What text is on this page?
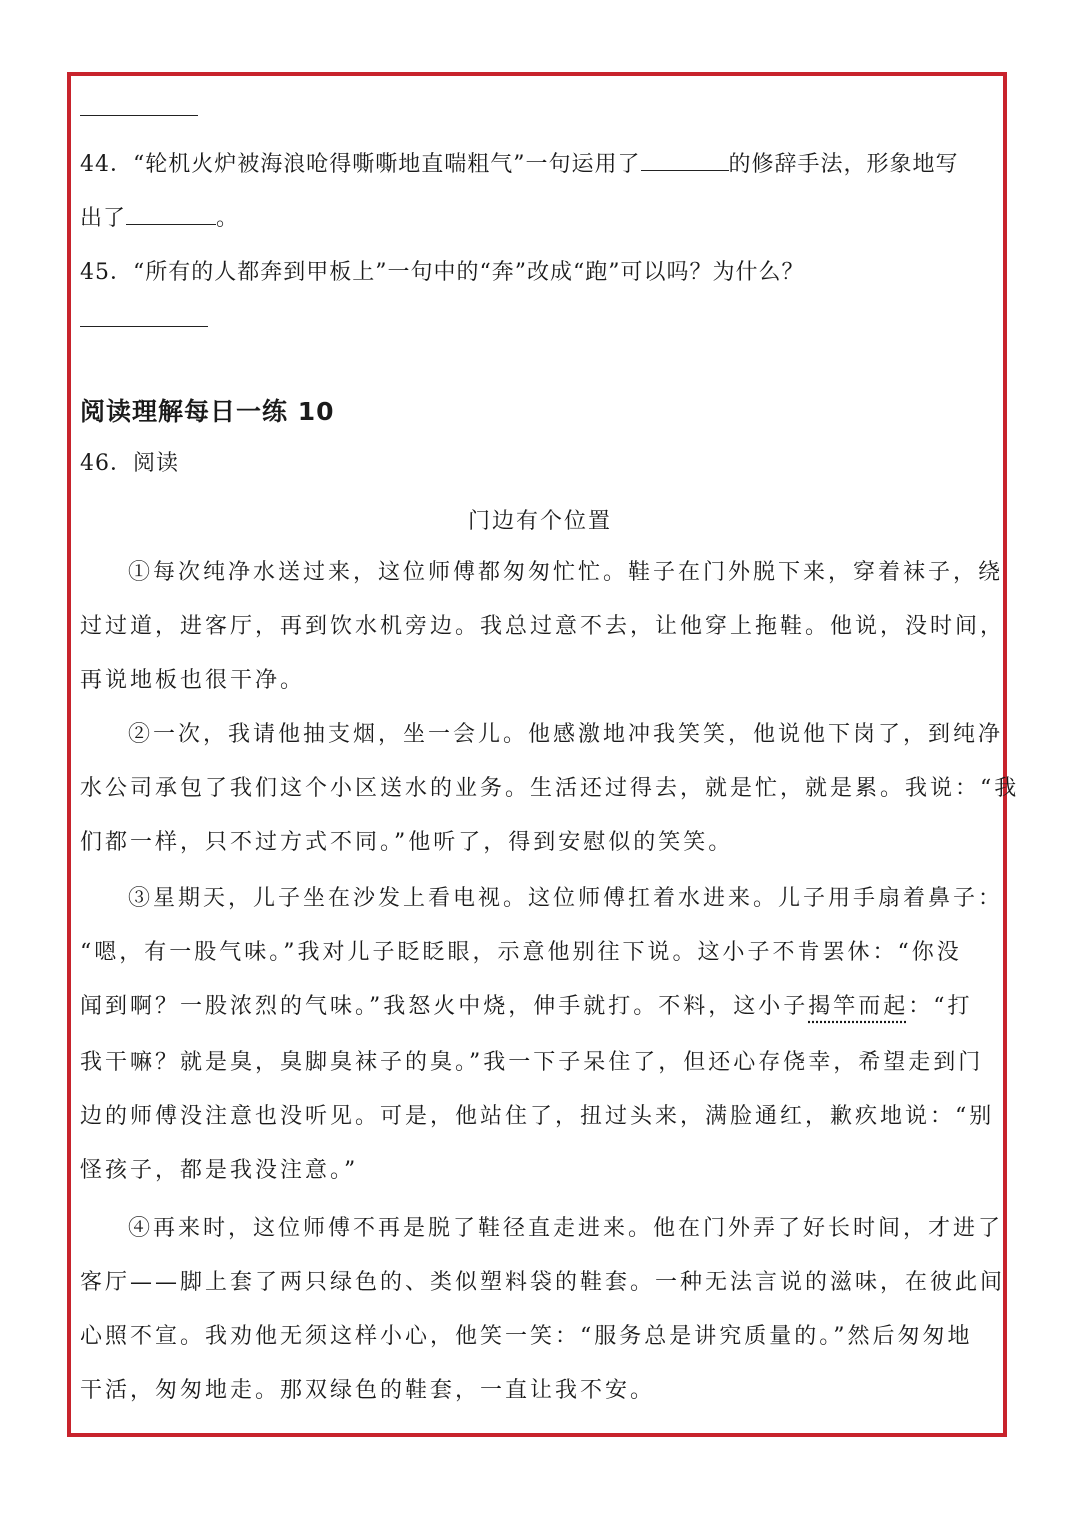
44．“轮机火炉被海浪呛得嘶嘶地直喘粗气”一句运用了	的修辞手法，形象地写
出了	。
45．“所有的人都奔到甲板上”一句中的“奔”改成“跑”可以吗？为什么？
阅读理解每日一练 10
46．阅读
门边有个位置
①每次纯净水送过来，这位师傅都匆匆忙忙。鞋子在门外脱下来，穿着袜子，绕
过过道，进客厅，再到饮水机旁边。我总过意不去，让他穿上拖鞋。他说，没时间，
再说地板也很干净。
②一次，我请他抽支烟，坐一会儿。他感激地冲我笑笑，他说他下岗了，到纯净
水公司承包了我们这个小区送水的业务。生活还过得去，就是忙，就是累。我说：“我
们都一样，只不过方式不同。”他听了，得到安慰似的笑笑。
③星期天，儿子坐在沙发上看电视。这位师傅扛着水进来。儿子用手扇着鼻子：
“嗯，有一股气味。”我对儿子眨眨眼，示意他别往下说。这小子不肯罢休：“你没
闻到啊？一股浓烈的气味。”我怒火中烧，伸手就打。不料，这小子揭竿而起：“打
我干嘛？就是臭，臭脚臭袜子的臭。”我一下子呆住了，但还心存侥幸，希望走到门
边的师傅没注意也没听见。可是，他站住了，扭过头来，满脸通红，歉疚地说：“别
怪孩子，都是我没注意。”
④再来时，这位师傅不再是脱了鞋径直走进来。他在门外弄了好长时间，才进了
客厅——脚上套了两只绿色的、类似塑料袋的鞋套。一种无法言说的滋味，在彼此间
心照不宣。我劝他无须这样小心，他笑一笑：“服务总是讲究质量的。”然后匆匆地
干活，匆匆地走。那双绿色的鞋套，一直让我不安。
